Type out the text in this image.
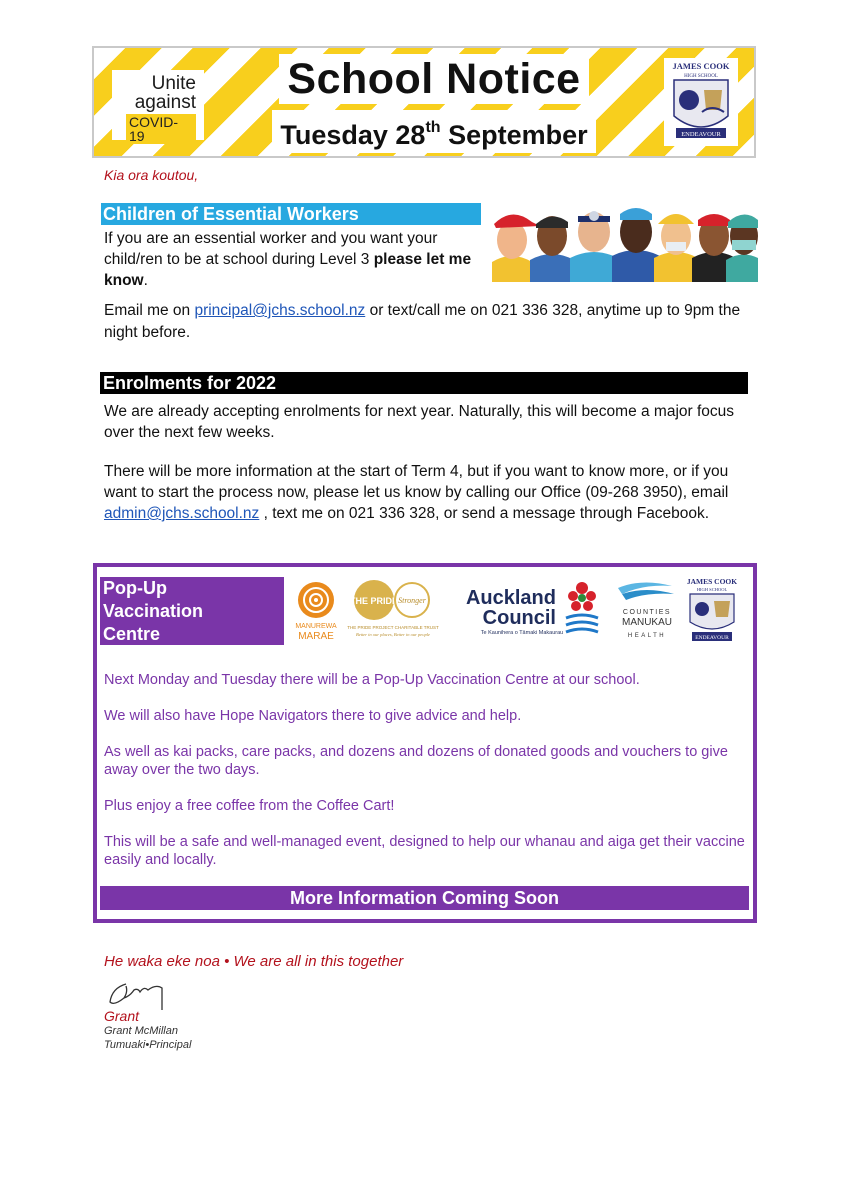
Unite
against
COVID-19
School Notice
Tuesday 28th September
JAMES COOK
HIGH SCHOOL
ENDEAVOUR
Kia ora koutou,
Children of Essential Workers
If you are an essential worker and you want your child/ren to be at school during Level 3 please let me know.
Email me on principal@jchs.school.nz or text/call me on 021 336 328, anytime up to 9pm the night before.
Enrolments for 2022
We are already accepting enrolments for next year. Naturally, this will become a major focus over the next few weeks.
There will be more information at the start of Term 4, but if you want to know more, or if you want to start the process now, please let us know by calling our Office (09-268 3950), email admin@jchs.school.nz , text me on 021 336 328, or send a message through Facebook.
Pop-Up
Vaccination
Centre	MANUREWA
MARAE
THE PRIDE Stronger
THE PRIDE PROJECT CHARITABLE TRUST
Better in our places, Better in our people
Auckland
Council
Te Kaunihera o Tāmaki Makaurau
COUNTIES
MANUKAU
HEALTH
JAMES COOK
HIGH SCHOOL
ENDEAVOUR
Next Monday and Tuesday there will be a Pop-Up Vaccination Centre at our school.
We will also have Hope Navigators there to give advice and help.
As well as kai packs, care packs, and dozens and dozens of donated goods and vouchers to give away over the two days.
Plus enjoy a free coffee from the Coffee Cart!
This will be a safe and well-managed event, designed to help our whanau and aiga get their vaccine easily and locally.
More Information Coming Soon
He waka eke noa • We are all in this together
Grant
Grant McMillan
Tumuaki•Principal
